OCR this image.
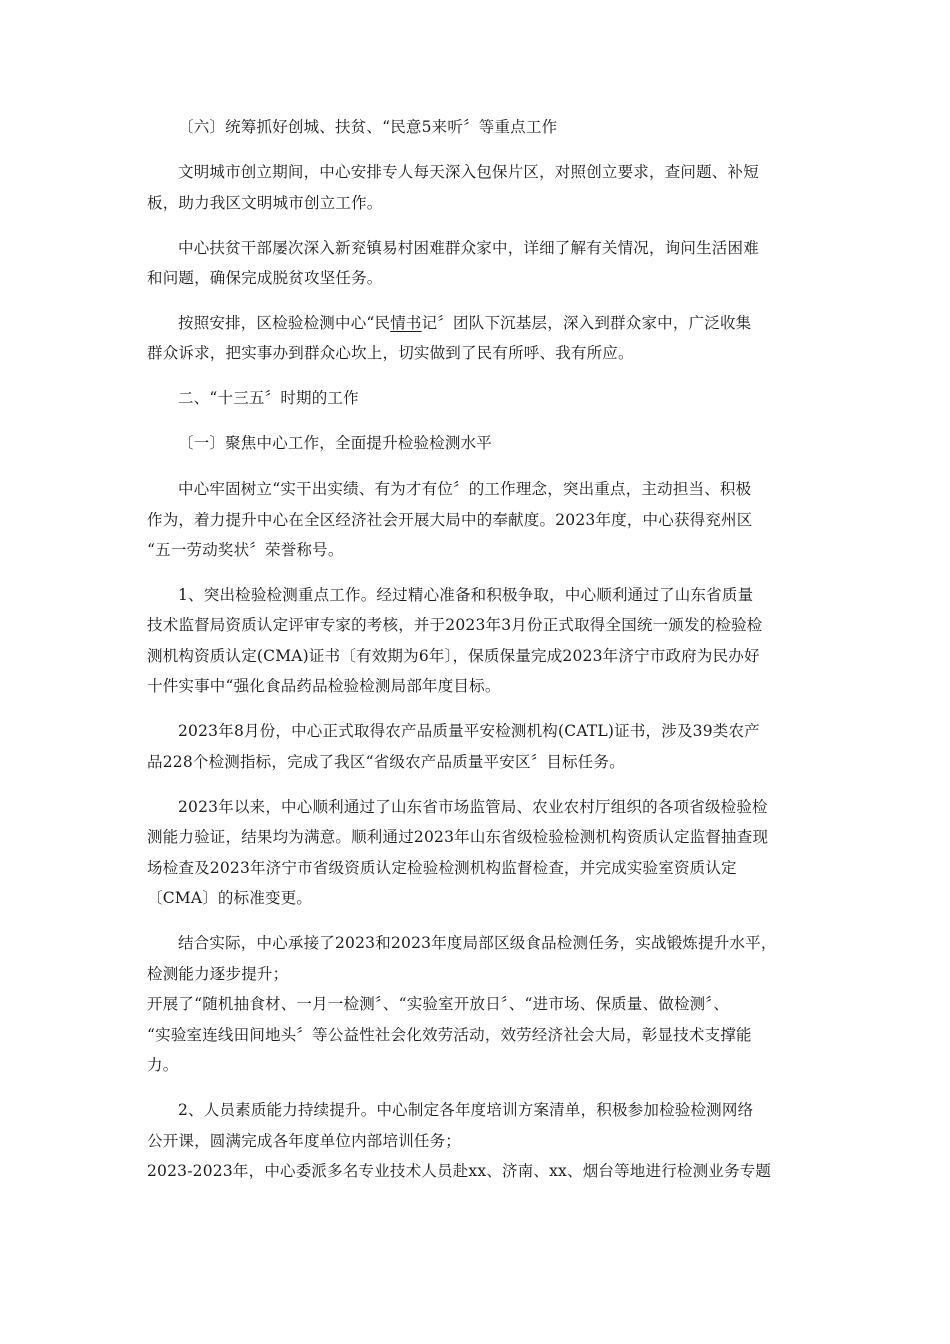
〔六〕统筹抓好创城、扶贫、“民意5来听〞等重点工作
文明城市创立期间，中心安排专人每天深入包保片区，对照创立要求，查问题、补短
板，助力我区文明城市创立工作。
中心扶贫干部屡次深入新兖镇易村困难群众家中，详细了解有关情况，询问生活困难
和问题，确保完成脱贫攻坚任务。
按照安排，区检验检测中心“民情书记〞团队下沉基层，深入到群众家中，广泛收集
群众诉求，把实事办到群众心坎上，切实做到了民有所呼、我有所应。
二、“十三五〞时期的工作
〔一〕聚焦中心工作，全面提升检验检测水平
中心牢固树立“实干出实绩、有为才有位〞的工作理念，突出重点，主动担当、积极
作为，着力提升中心在全区经济社会开展大局中的奉献度。2023年度，中心获得兖州区
“五一劳动奖状〞荣誉称号。
1、突出检验检测重点工作。经过精心准备和积极争取，中心顺利通过了山东省质量
技术监督局资质认定评审专家的考核，并于2023年3月份正式取得全国统一颁发的检验检
测机构资质认定(CMA)证书〔有效期为6年〕，保质保量完成2023年济宁市政府为民办好
十件实事中“强化食品药品检验检测局部年度目标。
2023年8月份，中心正式取得农产品质量平安检测机构(CATL)证书，涉及39类农产
品228个检测指标，完成了我区“省级农产品质量平安区〞目标任务。
2023年以来，中心顺利通过了山东省市场监管局、农业农村厅组织的各项省级检验检
测能力验证，结果均为满意。顺利通过2023年山东省级检验检测机构资质认定监督抽查现
场检查及2023年济宁市省级资质认定检验检测机构监督检查，并完成实验室资质认定
〔CMA〕的标准变更。
结合实际，中心承接了2023和2023年度局部区级食品检测任务，实战锻炼提升水平，
检测能力逐步提升；
开展了“随机抽食材、一月一检测〞、“实验室开放日〞、“进市场、保质量、做检测〞、
“实验室连线田间地头〞等公益性社会化效劳活动，效劳经济社会大局，彰显技术支撑能
力。
2、人员素质能力持续提升。中心制定各年度培训方案清单，积极参加检验检测网络
公开课，圆满完成各年度单位内部培训任务；
2023-2023年，中心委派多名专业技术人员赴xx、济南、xx、烟台等地进行检测业务专题
